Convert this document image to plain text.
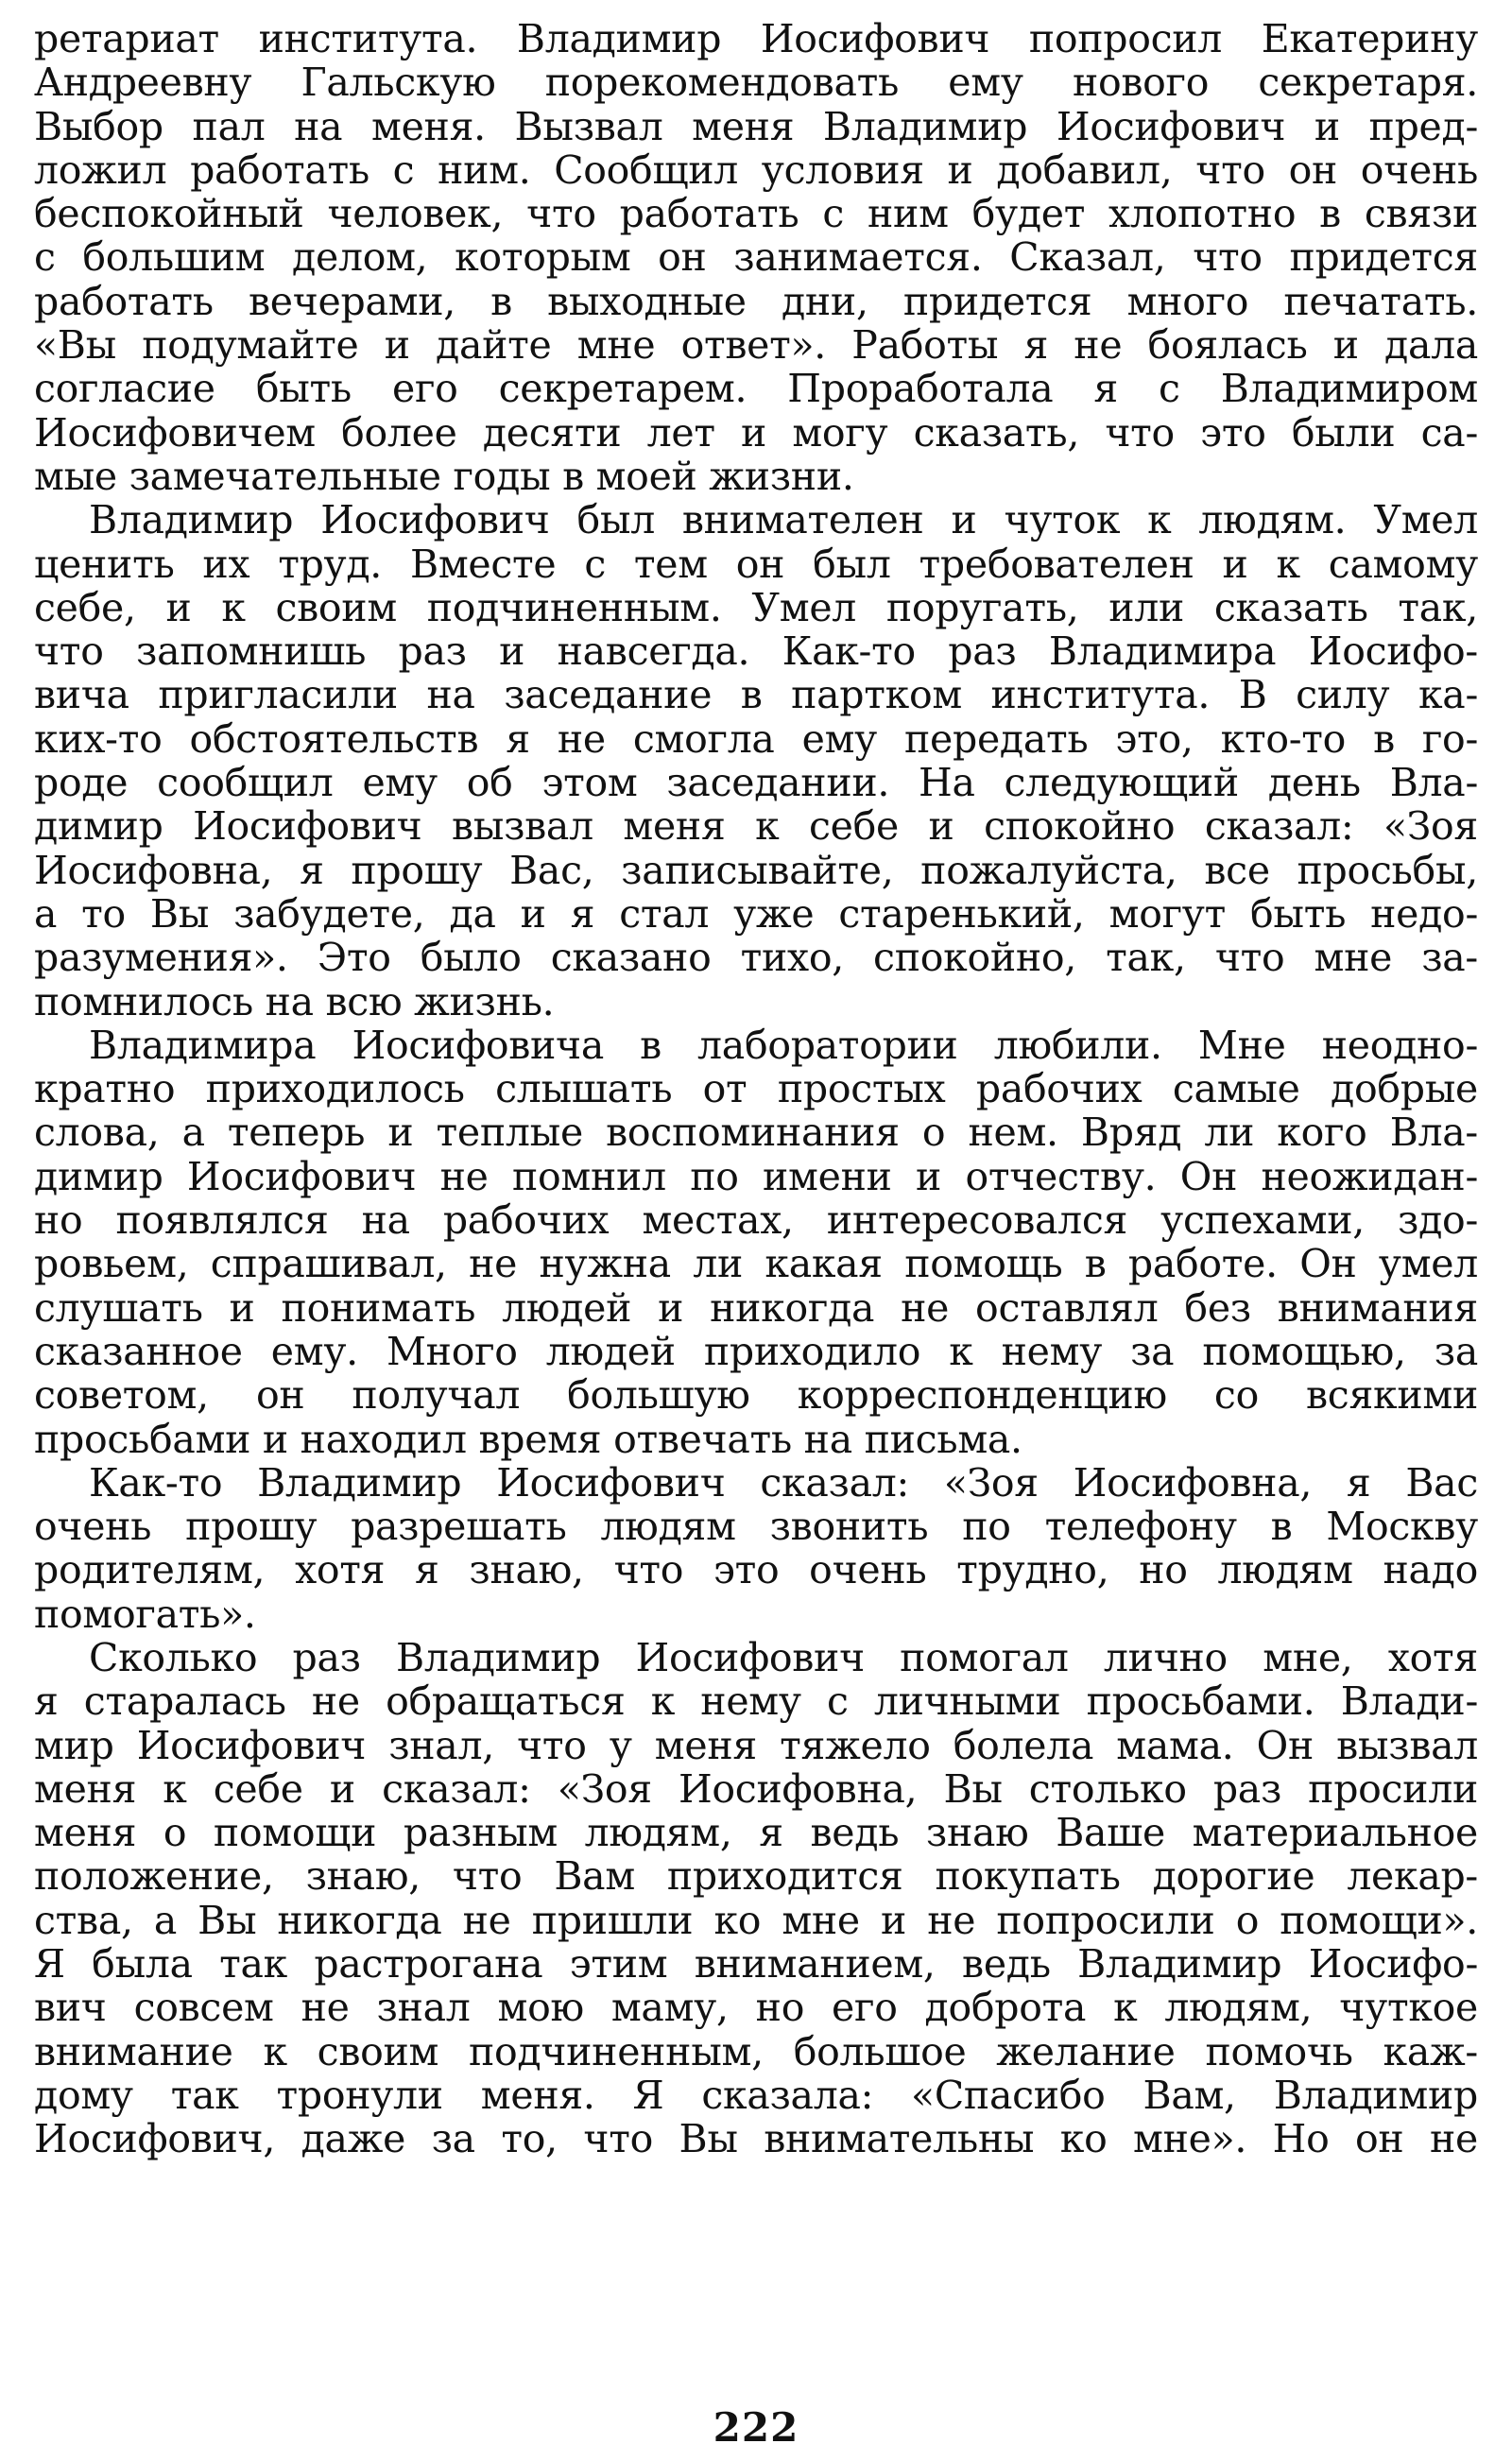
ретариат института. Владимир Иосифович попросил Екатерину
Андреевну Гальскую порекомендовать ему нового секретаря.
Выбор пал на меня. Вызвал меня Владимир Иосифович и пред-
ложил работать с ним. Сообщил условия и добавил, что он очень
беспокойный человек, что работать с ним будет хлопотно в связи
с большим делом, которым он занимается. Сказал, что придется
работать вечерами, в выходные дни, придется много печатать.
«Вы подумайте и дайте мне ответ». Работы я не боялась и дала
согласие быть его секретарем. Проработала я с Владимиром
Иосифовичем более десяти лет и могу сказать, что это были са-
мые замечательные годы в моей жизни.
Владимир Иосифович был внимателен и чуток к людям. Умел
ценить их труд. Вместе с тем он был требователен и к самому
себе, и к своим подчиненным. Умел поругать, или сказать так,
что запомнишь раз и навсегда. Как-то раз Владимира Иосифо-
вича пригласили на заседание в партком института. В силу ка-
ких-то обстоятельств я не смогла ему передать это, кто-то в го-
роде сообщил ему об этом заседании. На следующий день Вла-
димир Иосифович вызвал меня к себе и спокойно сказал: «Зоя
Иосифовна, я прошу Вас, записывайте, пожалуйста, все просьбы,
а то Вы забудете, да и я стал уже старенький, могут быть недо-
разумения». Это было сказано тихо, спокойно, так, что мне за-
помнилось на всю жизнь.
Владимира Иосифовича в лаборатории любили. Мне неодно-
кратно приходилось слышать от простых рабочих самые добрые
слова, а теперь и теплые воспоминания о нем. Вряд ли кого Вла-
димир Иосифович не помнил по имени и отчеству. Он неожидан-
но появлялся на рабочих местах, интересовался успехами, здо-
ровьем, спрашивал, не нужна ли какая помощь в работе. Он умел
слушать и понимать людей и никогда не оставлял без внимания
сказанное ему. Много людей приходило к нему за помощью, за
советом, он получал большую корреспонденцию со всякими
просьбами и находил время отвечать на письма.
Как-то Владимир Иосифович сказал: «Зоя Иосифовна, я Вас
очень прошу разрешать людям звонить по телефону в Москву
родителям, хотя я знаю, что это очень трудно, но людям надо
помогать».
Сколько раз Владимир Иосифович помогал лично мне, хотя
я старалась не обращаться к нему с личными просьбами. Влади-
мир Иосифович знал, что у меня тяжело болела мама. Он вызвал
меня к себе и сказал: «Зоя Иосифовна, Вы столько раз просили
меня о помощи разным людям, я ведь знаю Ваше материальное
положение, знаю, что Вам приходится покупать дорогие лекар-
ства, а Вы никогда не пришли ко мне и не попросили о помощи».
Я была так растрогана этим вниманием, ведь Владимир Иосифо-
вич совсем не знал мою маму, но его доброта к людям, чуткое
внимание к своим подчиненным, большое желание помочь каж-
дому так тронули меня. Я сказала: «Спасибо Вам, Владимир
Иосифович, даже за то, что Вы внимательны ко мне». Но он не
222
